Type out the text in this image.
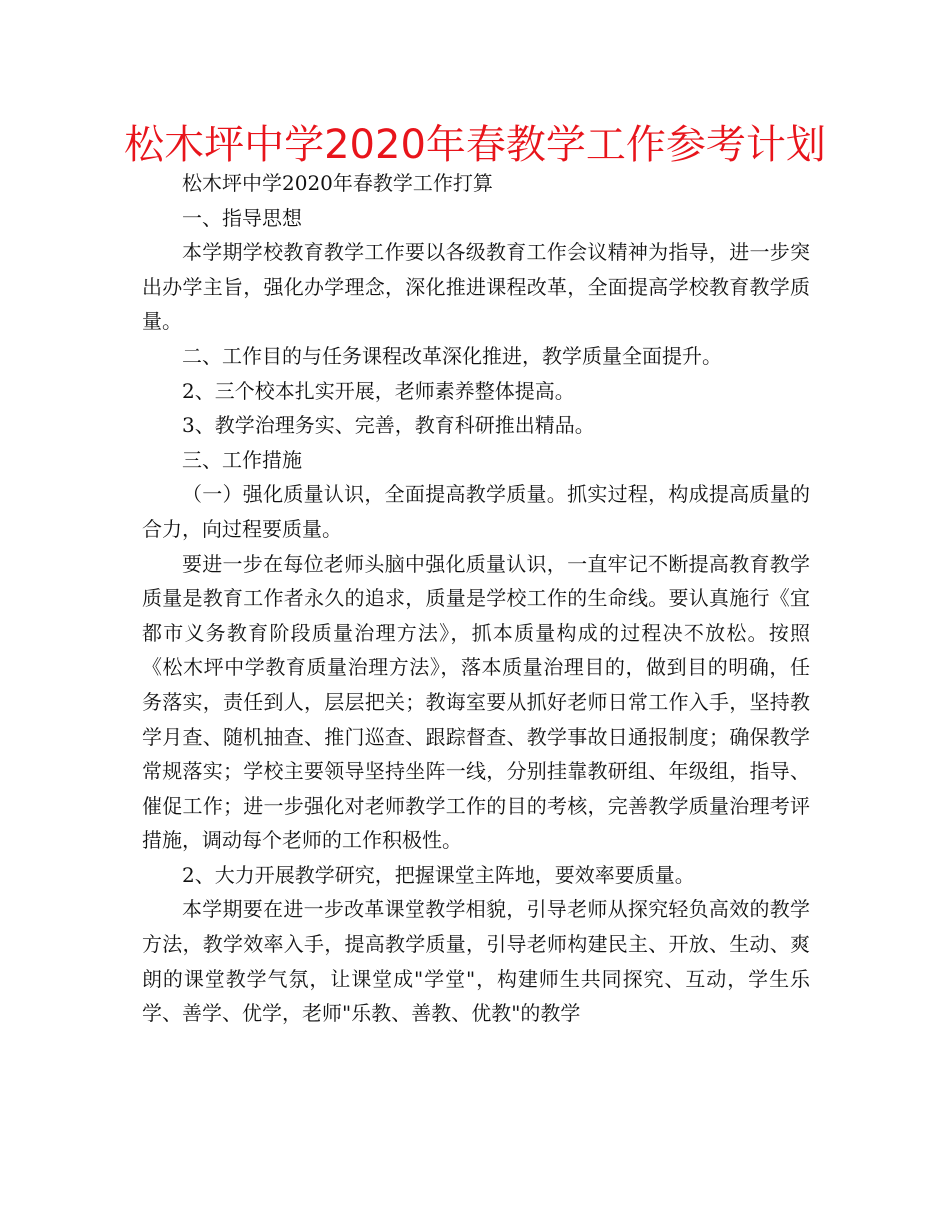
松木坪中学2020年春教学工作参考计划

松木坪中学2020年春教学工作打算

一、指导思想

本学期学校教育教学工作要以各级教育工作会议精神为指导，进一步突出办学主旨，强化办学理念，深化推进课程改革，全面提高学校教育教学质量。

二、工作目的与任务课程改革深化推进，教学质量全面提升。

2、三个校本扎实开展，老师素养整体提高。

3、教学治理务实、完善，教育科研推出精品。

三、工作措施

（一）强化质量认识，全面提高教学质量。抓实过程，构成提高质量的合力，向过程要质量。

要进一步在每位老师头脑中强化质量认识，一直牢记不断提高教育教学质量是教育工作者永久的追求，质量是学校工作的生命线。要认真施行《宜都市义务教育阶段质量治理方法》，抓本质量构成的过程决不放松。按照《松木坪中学教育质量治理方法》，落本质量治理目的，做到目的明确，任务落实，责任到人，层层把关；教诲室要从抓好老师日常工作入手，坚持教学月查、随机抽查、推门巡查、跟踪督查、教学事故日通报制度；确保教学常规落实；学校主要领导坚持坐阵一线，分别挂靠教研组、年级组，指导、催促工作；进一步强化对老师教学工作的目的考核，完善教学质量治理考评措施，调动每个老师的工作积极性。

2、大力开展教学研究，把握课堂主阵地，要效率要质量。

本学期要在进一步改革课堂教学相貌，引导老师从探究轻负高效的教学方法，教学效率入手，提高教学质量，引导老师构建民主、开放、生动、爽朗的课堂教学气氛，让课堂成"学堂"，构建师生共同探究、互动，学生乐学、善学、优学，老师"乐教、善教、优教"的教学
